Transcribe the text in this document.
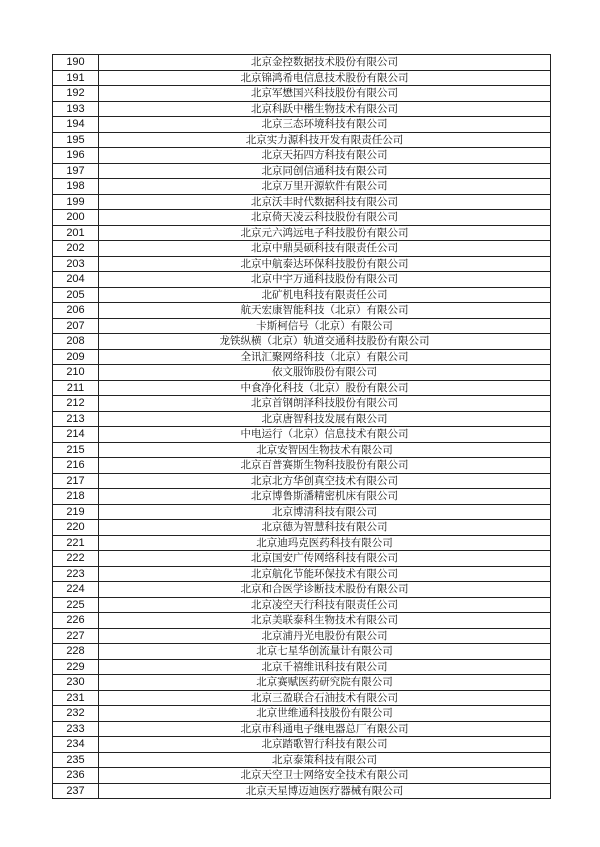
190	北京金控数据技术股份有限公司
191	北京锦鸿希电信息技术股份有限公司
192	北京军懋国兴科技股份有限公司
193	北京科跃中楷生物技术有限公司
194	北京三态环境科技有限公司
195	北京实力源科技开发有限责任公司
196	北京天拓四方科技有限公司
197	北京同创信通科技有限公司
198	北京万里开源软件有限公司
199	北京沃丰时代数据科技有限公司
200	北京倚天凌云科技股份有限公司
201	北京元六鸿远电子科技股份有限公司
202	北京中鼎昊硕科技有限责任公司
203	北京中航泰达环保科技股份有限公司
204	北京中宇万通科技股份有限公司
205	北矿机电科技有限责任公司
206	航天宏康智能科技（北京）有限公司
207	卡斯柯信号（北京）有限公司
208	龙铁纵横（北京）轨道交通科技股份有限公司
209	全讯汇聚网络科技（北京）有限公司
210	依文服饰股份有限公司
211	中食净化科技（北京）股份有限公司
212	北京首钢朗泽科技股份有限公司
213	北京唐智科技发展有限公司
214	中电运行（北京）信息技术有限公司
215	北京安智因生物技术有限公司
216	北京百普赛斯生物科技股份有限公司
217	北京北方华创真空技术有限公司
218	北京博鲁斯潘精密机床有限公司
219	北京博清科技有限公司
220	北京德为智慧科技有限公司
221	北京迪玛克医药科技有限公司
222	北京国安广传网络科技有限公司
223	北京航化节能环保技术有限公司
224	北京和合医学诊断技术股份有限公司
225	北京凌空天行科技有限责任公司
226	北京美联泰科生物技术有限公司
227	北京浦丹光电股份有限公司
228	北京七星华创流量计有限公司
229	北京千禧维讯科技有限公司
230	北京赛赋医药研究院有限公司
231	北京三盈联合石油技术有限公司
232	北京世维通科技股份有限公司
233	北京市科通电子继电器总厂有限公司
234	北京踏歌智行科技有限公司
235	北京泰策科技有限公司
236	北京天空卫士网络安全技术有限公司
237	北京天星博迈迪医疗器械有限公司
